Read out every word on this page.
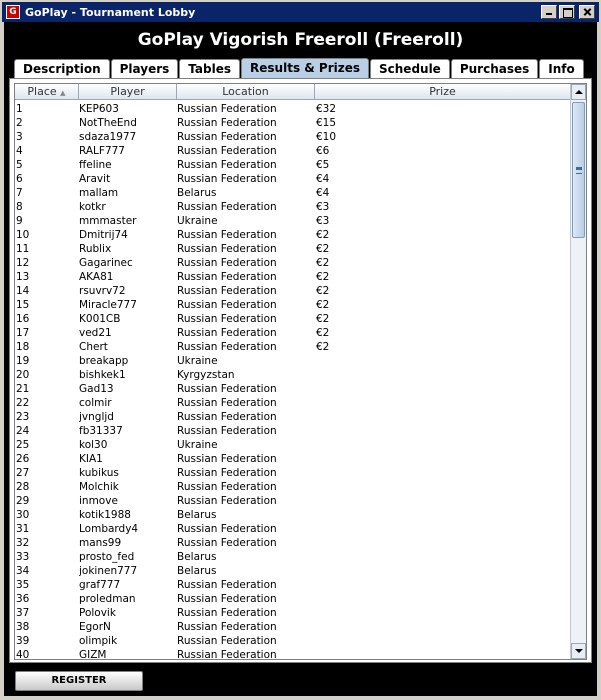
G GoPlay - Tournament Lobby
GoPlay Vigorish Freeroll (Freeroll)
Description	Players	Tables	Results & Prizes	Schedule	Purchases	Info
Place ▲	Player	Location	Prize
1	KEP603	Russian Federation	€32
2	NotTheEnd	Russian Federation	€15
3	sdaza1977	Russian Federation	€10
4	RALF777	Russian Federation	€6
5	ffeline	Russian Federation	€5
6	Aravit	Russian Federation	€4
7	mallam	Belarus	€4
8	kotkr	Russian Federation	€3
9	mmmaster	Ukraine	€3
10	Dmitrij74	Russian Federation	€2
11	Rublix	Russian Federation	€2
12	Gagarinec	Russian Federation	€2
13	AKA81	Russian Federation	€2
14	rsuvrv72	Russian Federation	€2
15	Miracle777	Russian Federation	€2
16	K001CB	Russian Federation	€2
17	ved21	Russian Federation	€2
18	Chert	Russian Federation	€2
19	breakapp	Ukraine
20	bishkek1	Kyrgyzstan
21	Gad13	Russian Federation
22	colmir	Russian Federation
23	jvngljd	Russian Federation
24	fb31337	Russian Federation
25	kol30	Ukraine
26	KIA1	Russian Federation
27	kubikus	Russian Federation
28	Molchik	Russian Federation
29	inmove	Russian Federation
30	kotik1988	Belarus
31	Lombardy4	Russian Federation
32	mans99	Russian Federation
33	prosto_fed	Belarus
34	jokinen777	Belarus
35	graf777	Russian Federation
36	proledman	Russian Federation
37	Polovik	Russian Federation
38	EgorN	Russian Federation
39	olimpik	Russian Federation
40	GIZM	Russian Federation
REGISTER
